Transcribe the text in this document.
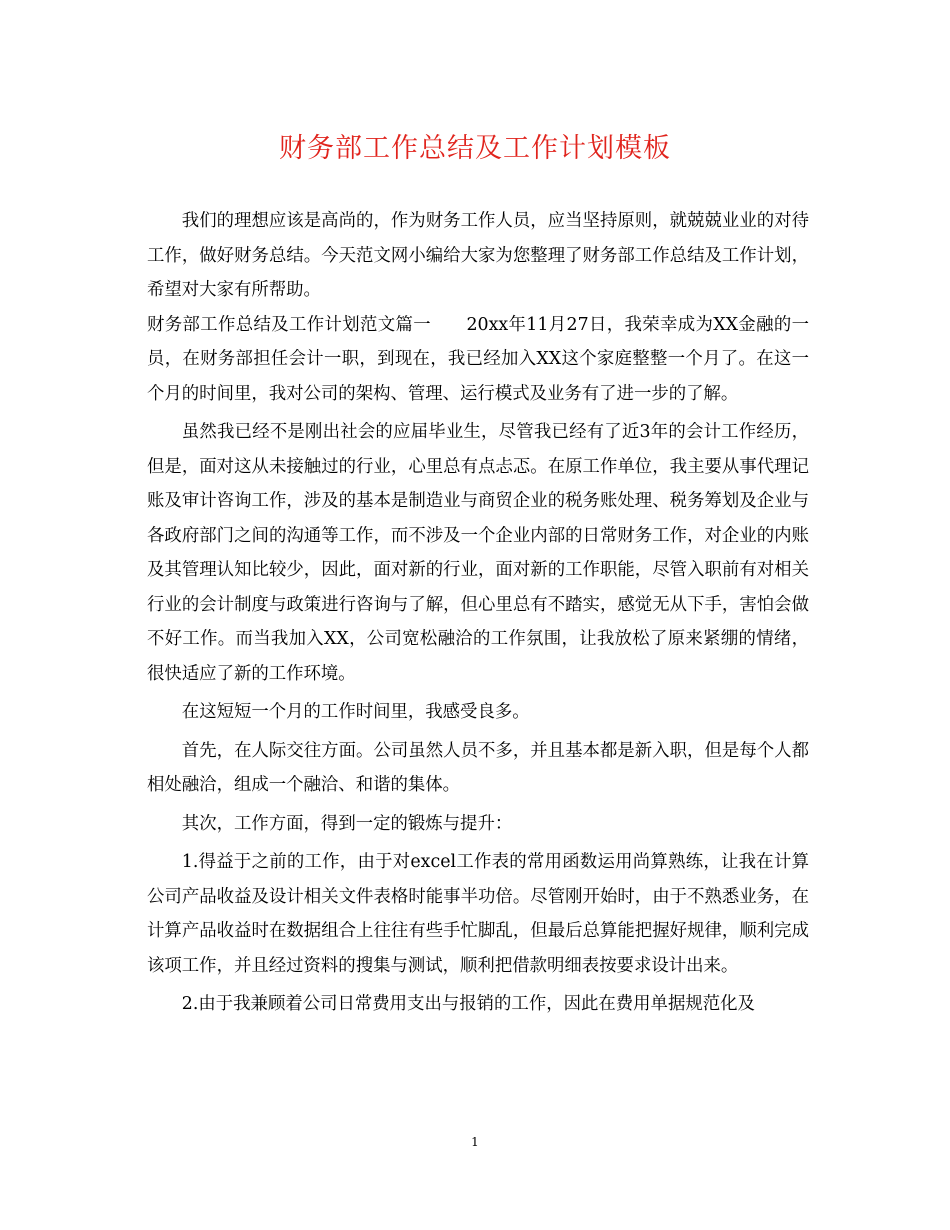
财务部工作总结及工作计划模板

我们的理想应该是高尚的，作为财务工作人员，应当坚持原则，就兢兢业业的对待工作，做好财务总结。今天范文网小编给大家为您整理了财务部工作总结及工作计划，希望对大家有所帮助。

财务部工作总结及工作计划范文篇一　　20xx年11月27日，我荣幸成为XX金融的一员，在财务部担任会计一职，到现在，我已经加入XX这个家庭整整一个月了。在这一个月的时间里，我对公司的架构、管理、运行模式及业务有了进一步的了解。

虽然我已经不是刚出社会的应届毕业生，尽管我已经有了近3年的会计工作经历，但是，面对这从未接触过的行业，心里总有点忐忑。在原工作单位，我主要从事代理记账及审计咨询工作，涉及的基本是制造业与商贸企业的税务账处理、税务筹划及企业与各政府部门之间的沟通等工作，而不涉及一个企业内部的日常财务工作，对企业的内账及其管理认知比较少，因此，面对新的行业，面对新的工作职能，尽管入职前有对相关行业的会计制度与政策进行咨询与了解，但心里总有不踏实，感觉无从下手，害怕会做不好工作。而当我加入XX，公司宽松融洽的工作氛围，让我放松了原来紧绷的情绪，很快适应了新的工作环境。

在这短短一个月的工作时间里，我感受良多。

首先，在人际交往方面。公司虽然人员不多，并且基本都是新入职，但是每个人都相处融洽，组成一个融洽、和谐的集体。

其次，工作方面，得到一定的锻炼与提升：

1.得益于之前的工作，由于对excel工作表的常用函数运用尚算熟练，让我在计算公司产品收益及设计相关文件表格时能事半功倍。尽管刚开始时，由于不熟悉业务，在计算产品收益时在数据组合上往往有些手忙脚乱，但最后总算能把握好规律，顺利完成该项工作，并且经过资料的搜集与测试，顺利把借款明细表按要求设计出来。

2.由于我兼顾着公司日常费用支出与报销的工作，因此在费用单据规范化及

1
